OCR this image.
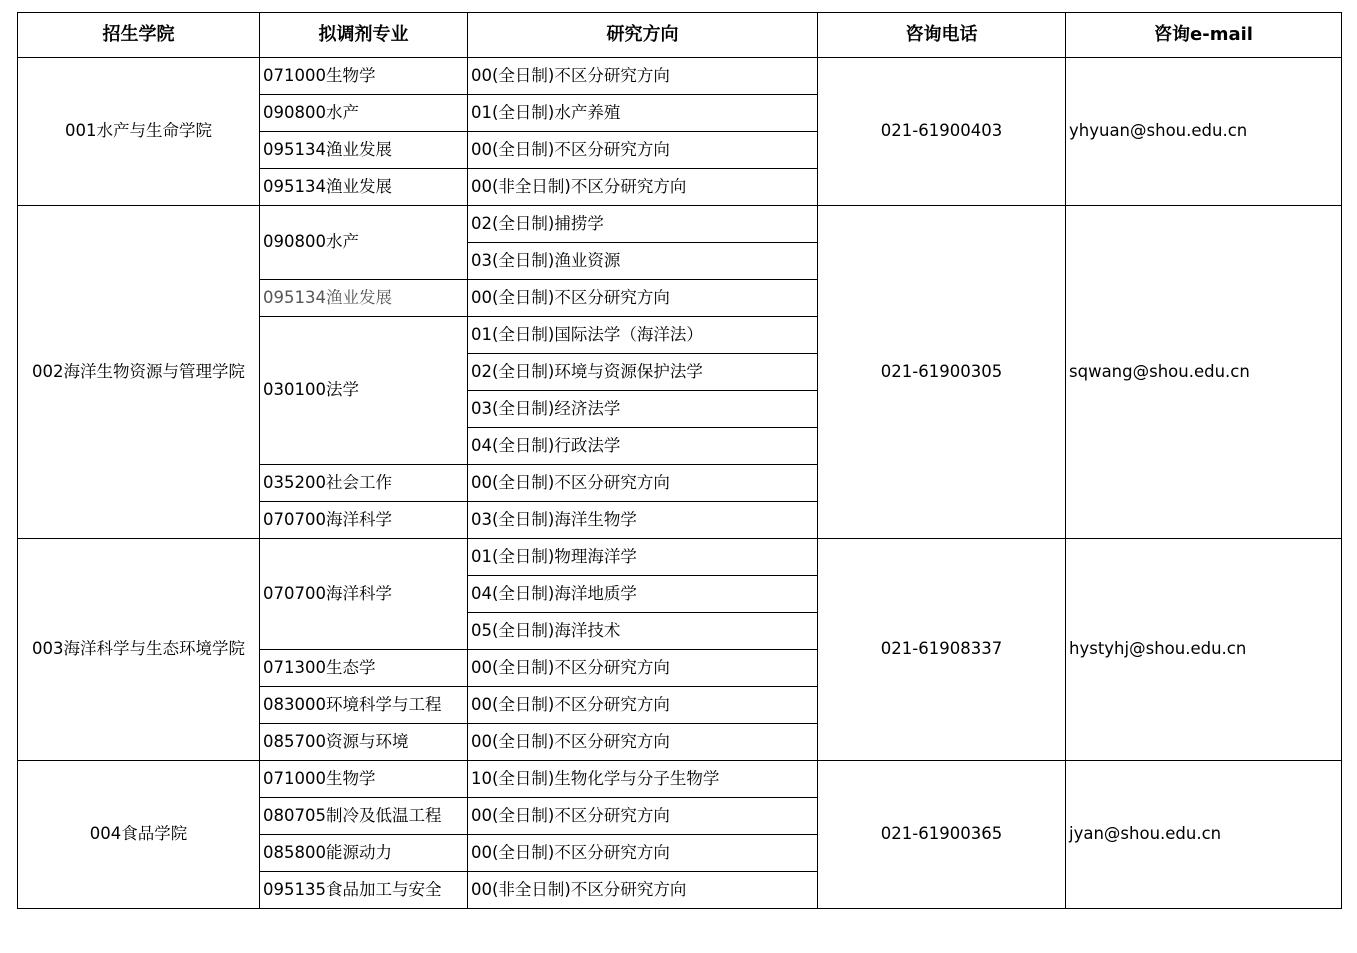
招生学院	拟调剂专业	研究方向	咨询电话	咨询e-mail
001水产与生命学院	071000生物学	00(全日制)不区分研究方向	021-61900403	yhyuan@shou.edu.cn
	090800水产	01(全日制)水产养殖		
	095134渔业发展	00(全日制)不区分研究方向		
	095134渔业发展	00(非全日制)不区分研究方向		
002海洋生物资源与管理学院	090800水产	02(全日制)捕捞学	021-61900305	sqwang@shou.edu.cn
		03(全日制)渔业资源		
	095134渔业发展	00(全日制)不区分研究方向		
	030100法学	01(全日制)国际法学（海洋法）		
		02(全日制)环境与资源保护法学		
		03(全日制)经济法学		
		04(全日制)行政法学		
	035200社会工作	00(全日制)不区分研究方向		
	070700海洋科学	03(全日制)海洋生物学		
003海洋科学与生态环境学院	070700海洋科学	01(全日制)物理海洋学	021-61908337	hystyhj@shou.edu.cn
		04(全日制)海洋地质学		
		05(全日制)海洋技术		
	071300生态学	00(全日制)不区分研究方向		
	083000环境科学与工程	00(全日制)不区分研究方向		
	085700资源与环境	00(全日制)不区分研究方向		
004食品学院	071000生物学	10(全日制)生物化学与分子生物学	021-61900365	jyan@shou.edu.cn
	080705制冷及低温工程	00(全日制)不区分研究方向		
	085800能源动力	00(全日制)不区分研究方向		
	095135食品加工与安全	00(非全日制)不区分研究方向		
